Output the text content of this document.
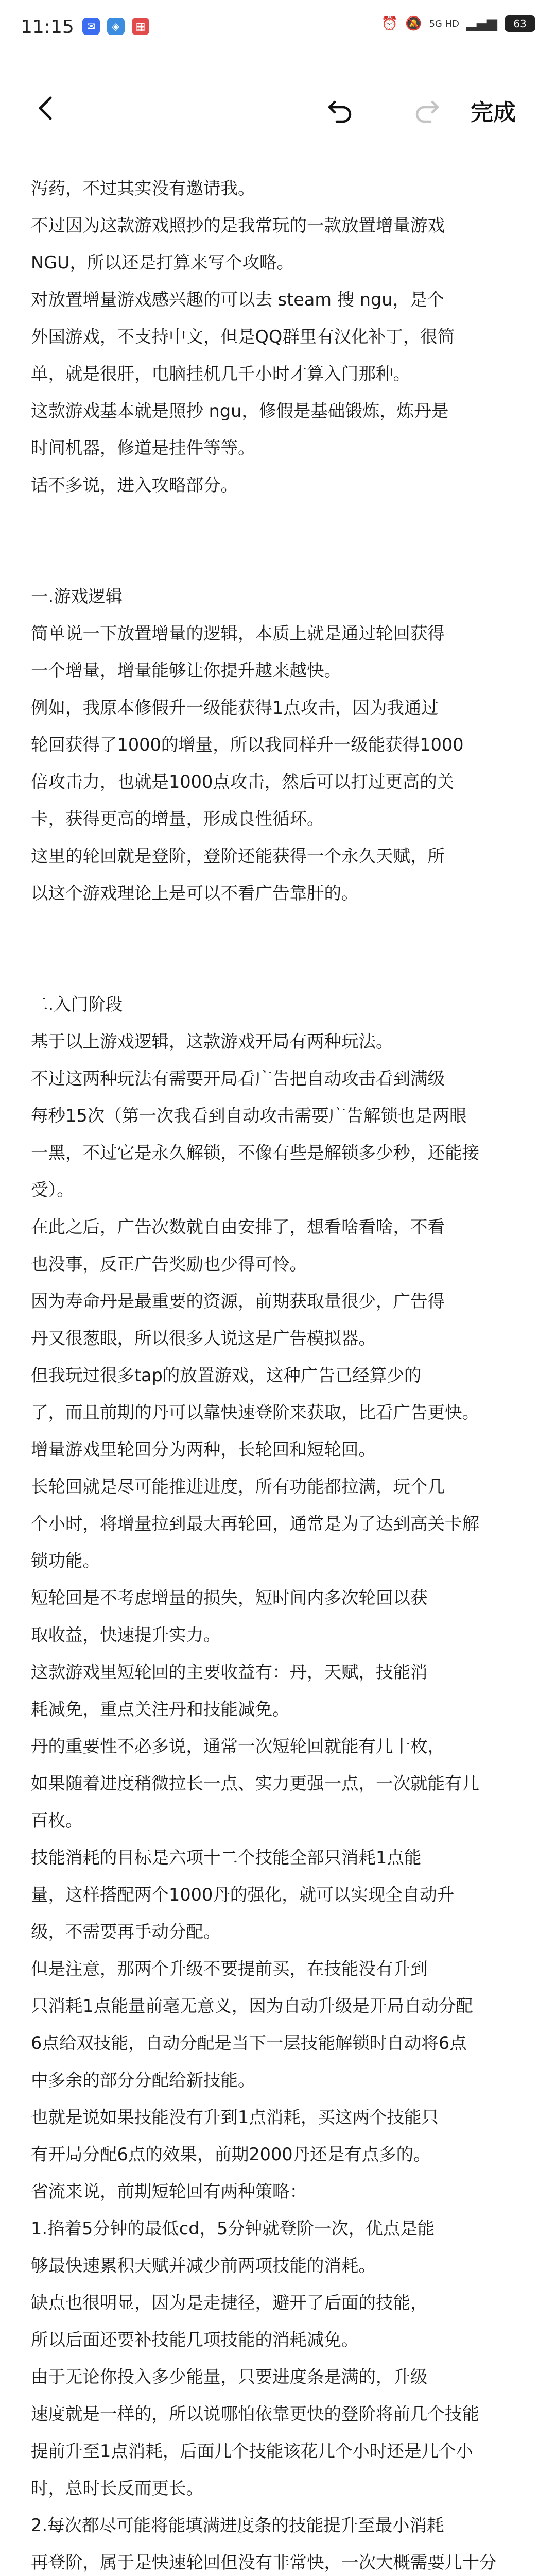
11:15	✉	◈	▦	⏰ 🔕 5G HD ▂▄▆	63
完成

泻药，不过其实没有邀请我。

不过因为这款游戏照抄的是我常玩的一款放置增量游戏

NGU，所以还是打算来写个攻略。

对放置增量游戏感兴趣的可以去 steam 搜 ngu，是个

外国游戏，不支持中文，但是QQ群里有汉化补丁，很简

单，就是很肝，电脑挂机几千小时才算入门那种。

这款游戏基本就是照抄 ngu，修假是基础锻炼，炼丹是

时间机器，修道是挂件等等。

话不多说，进入攻略部分。

一.游戏逻辑

简单说一下放置增量的逻辑，本质上就是通过轮回获得

一个增量，增量能够让你提升越来越快。

例如，我原本修假升一级能获得1点攻击，因为我通过

轮回获得了1000的增量，所以我同样升一级能获得1000

倍攻击力，也就是1000点攻击，然后可以打过更高的关

卡，获得更高的增量，形成良性循环。

这里的轮回就是登阶，登阶还能获得一个永久天赋，所

以这个游戏理论上是可以不看广告靠肝的。

二.入门阶段

基于以上游戏逻辑，这款游戏开局有两种玩法。

不过这两种玩法有需要开局看广告把自动攻击看到满级

每秒15次（第一次我看到自动攻击需要广告解锁也是两眼

一黑，不过它是永久解锁，不像有些是解锁多少秒，还能接

受）。

在此之后，广告次数就自由安排了，想看啥看啥，不看

也没事，反正广告奖励也少得可怜。

因为寿命丹是最重要的资源，前期获取量很少，广告得

丹又很葱眼，所以很多人说这是广告模拟器。

但我玩过很多tap的放置游戏，这种广告已经算少的

了，而且前期的丹可以靠快速登阶来获取，比看广告更快。

增量游戏里轮回分为两种，长轮回和短轮回。

长轮回就是尽可能推进进度，所有功能都拉满，玩个几

个小时，将增量拉到最大再轮回，通常是为了达到高关卡解

锁功能。

短轮回是不考虑增量的损失，短时间内多次轮回以获

取收益，快速提升实力。

这款游戏里短轮回的主要收益有：丹，天赋，技能消

耗减免，重点关注丹和技能减免。

丹的重要性不必多说，通常一次短轮回就能有几十枚，

如果随着进度稍微拉长一点、实力更强一点，一次就能有几

百枚。

技能消耗的目标是六项十二个技能全部只消耗1点能

量，这样搭配两个1000丹的强化，就可以实现全自动升

级，不需要再手动分配。

但是注意，那两个升级不要提前买，在技能没有升到

只消耗1点能量前毫无意义，因为自动升级是开局自动分配

6点给双技能，自动分配是当下一层技能解锁时自动将6点

中多余的部分分配给新技能。

也就是说如果技能没有升到1点消耗，买这两个技能只

有开局分配6点的效果，前期2000丹还是有点多的。

省流来说，前期短轮回有两种策略：

1.掐着5分钟的最低cd，5分钟就登阶一次，优点是能

够最快速累积天赋并减少前两项技能的消耗。

缺点也很明显，因为是走捷径，避开了后面的技能，

所以后面还要补技能几项技能的消耗减免。

由于无论你投入多少能量，只要进度条是满的，升级

速度就是一样的，所以说哪怕依靠更快的登阶将前几个技能

提前升至1点消耗，后面几个技能该花几个小时还是几个小

时，总时长反而更长。

2.每次都尽可能将能填满进度条的技能提升至最小消耗

再登阶，属于是快速轮回但没有非常快，一次大概需要几十分
